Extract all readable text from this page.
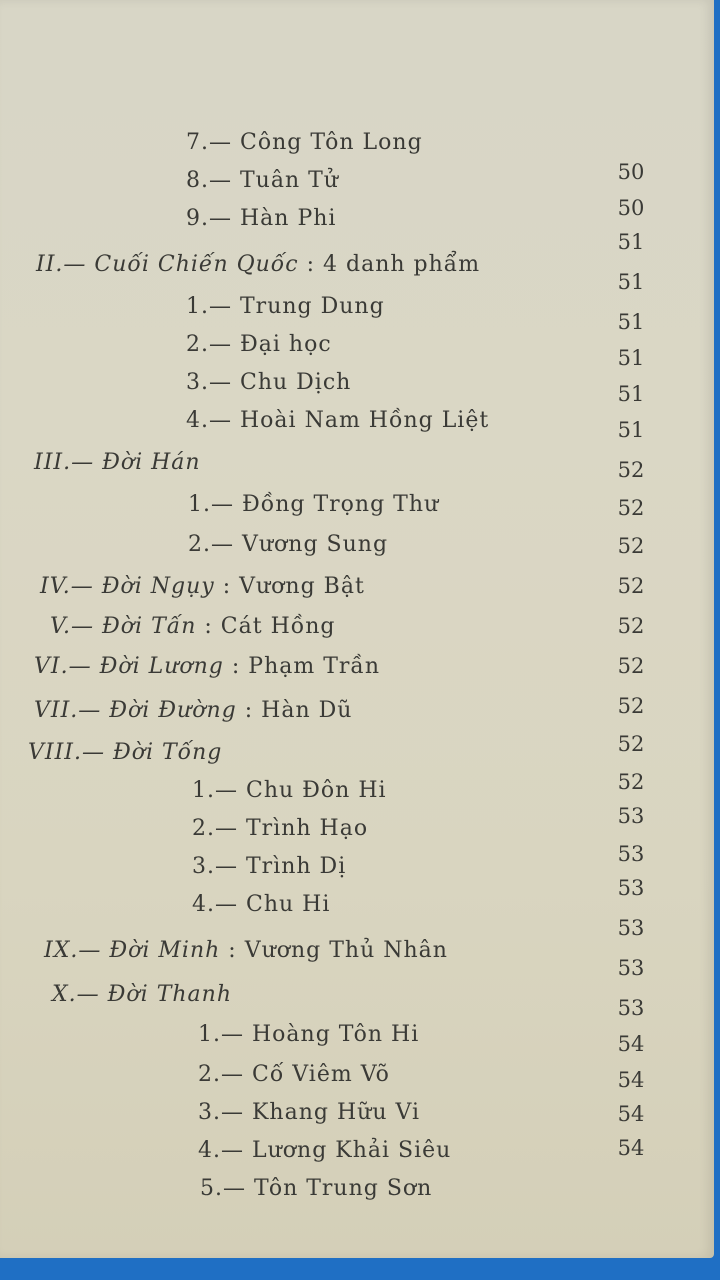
7.— Công Tôn Long
8.— Tuân Tử
9.— Hàn Phi
II.— Cuối Chiến Quốc : 4 danh phẩm
1.— Trung Dung
2.— Đại học
3.— Chu Dịch
4.— Hoài Nam Hồng Liệt
III.— Đời Hán
1.— Đồng Trọng Thư
2.— Vương Sung
IV.— Đời Ngụy : Vương Bật
V.— Đời Tấn : Cát Hồng
VI.— Đời Lương : Phạm Trần
VII.— Đời Đường : Hàn Dũ
VIII.— Đời Tống
1.— Chu Đôn Hi
2.— Trình Hạo
3.— Trình Dị
4.— Chu Hi
IX.— Đời Minh : Vương Thủ Nhân
X.— Đời Thanh
1.— Hoàng Tôn Hi
2.— Cố Viêm Võ
3.— Khang Hữu Vi
4.— Lương Khải Siêu
5.— Tôn Trung Sơn
50
50
51
51
51
51
51
51
52
52
52
52
52
52
52
52
52
53
53
53
53
53
53
54
54
54
54
